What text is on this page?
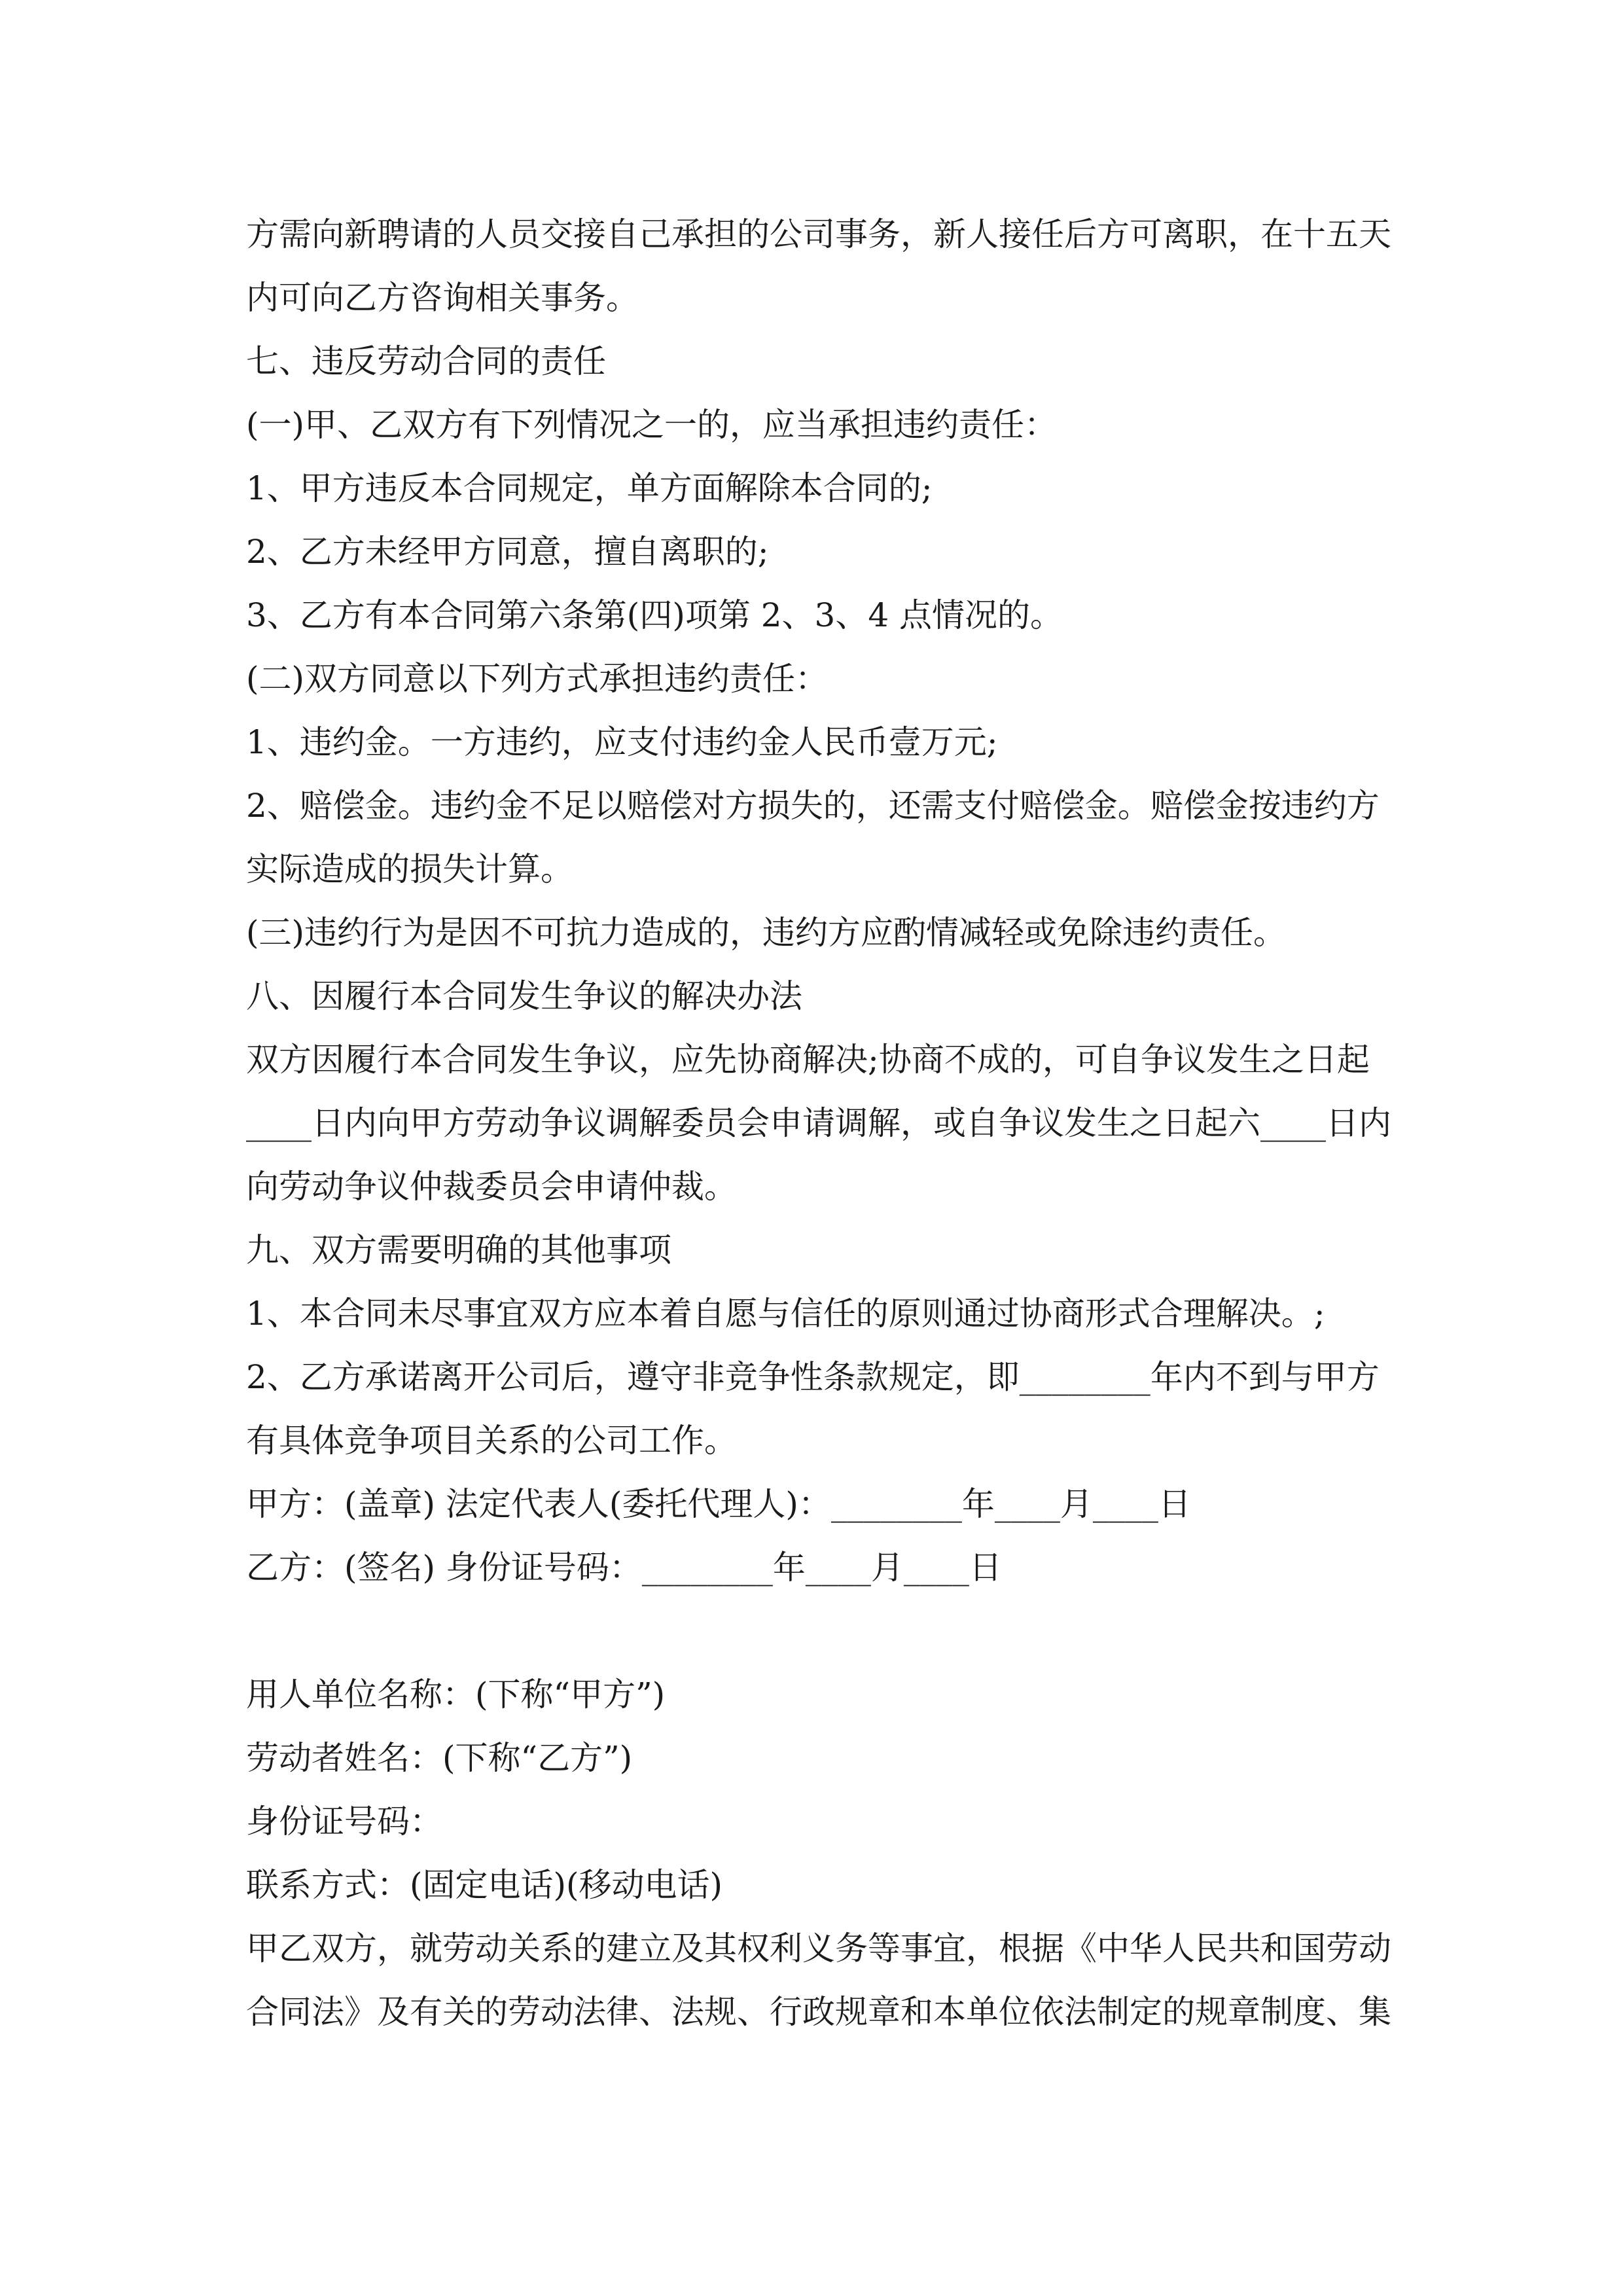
方需向新聘请的人员交接自己承担的公司事务，新人接任后方可离职，在十五天
内可向乙方咨询相关事务。
七、违反劳动合同的责任
(一)甲、乙双方有下列情况之一的，应当承担违约责任：
1、甲方违反本合同规定，单方面解除本合同的;
2、乙方未经甲方同意，擅自离职的;
3、乙方有本合同第六条第(四)项第 2、3、4 点情况的。
(二)双方同意以下列方式承担违约责任：
1、违约金。一方违约，应支付违约金人民币壹万元;
2、赔偿金。违约金不足以赔偿对方损失的，还需支付赔偿金。赔偿金按违约方
实际造成的损失计算。
(三)违约行为是因不可抗力造成的，违约方应酌情减轻或免除违约责任。
八、因履行本合同发生争议的解决办法
双方因履行本合同发生争议，应先协商解决;协商不成的，可自争议发生之日起
____日内向甲方劳动争议调解委员会申请调解，或自争议发生之日起六____日内
向劳动争议仲裁委员会申请仲裁。
九、双方需要明确的其他事项
1、本合同未尽事宜双方应本着自愿与信任的原则通过协商形式合理解决。;
2、乙方承诺离开公司后，遵守非竞争性条款规定，即________年内不到与甲方
有具体竞争项目关系的公司工作。
甲方：(盖章) 法定代表人(委托代理人)：________年____月____日
乙方：(签名) 身份证号码：________年____月____日
用人单位名称：(下称“甲方”)
劳动者姓名：(下称“乙方”)
身份证号码：
联系方式：(固定电话)(移动电话)
甲乙双方，就劳动关系的建立及其权利义务等事宜，根据《中华人民共和国劳动
合同法》及有关的劳动法律、法规、行政规章和本单位依法制定的规章制度、集
